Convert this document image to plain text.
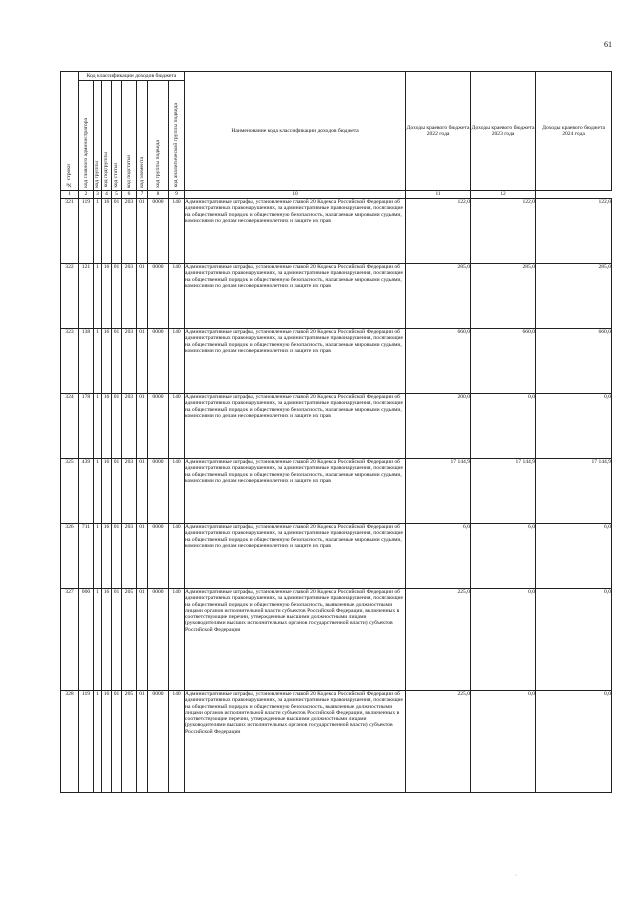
61
№ строки	Код классификации доходов бюджета								Наименование кода классификации доходов бюджета	Доходы краевого бюджета 2022 года	Доходы краевого бюджета 2023 года	Доходы краевого бюджета 2024 года
	код главного администратора	код группы	код подгруппы	код статьи	код подстатьи	код элемента	код группы подвида	код аналитической группы подвида				
1	2	3	4	5	6	7	8	9	10	11	12	
321	119	1	16	01	203	01	0000	140	Административные штрафы, установленные главой 20 Кодекса Российской Федерации об административных правонарушениях, за административные правонарушения, посягающие на общественный порядок и общественную безопасность, налагаемые мировыми судьями, комиссиями по делам несовершеннолетних и защите их прав	122,0	122,0	122,0
322	121	1	16	01	203	01	0000	140	Административные штрафы, установленные главой 20 Кодекса Российской Федерации об административных правонарушениях, за административные правонарушения, посягающие на общественный порядок и общественную безопасность, налагаемые мировыми судьями, комиссиями по делам несовершеннолетних и защите их прав	285,0	285,0	285,0
323	138	1	16	01	203	01	0000	140	Административные штрафы, установленные главой 20 Кодекса Российской Федерации об административных правонарушениях, за административные правонарушения, посягающие на общественный порядок и общественную безопасность, налагаемые мировыми судьями, комиссиями по делам несовершеннолетних и защите их прав	660,0	660,0	660,0
324	178	1	16	01	203	01	0000	140	Административные штрафы, установленные главой 20 Кодекса Российской Федерации об административных правонарушениях, за административные правонарушения, посягающие на общественный порядок и общественную безопасность, налагаемые мировыми судьями, комиссиями по делам несовершеннолетних и защите их прав	200,0	0,0	0,0
325	439	1	16	01	203	01	0000	140	Административные штрафы, установленные главой 20 Кодекса Российской Федерации об административных правонарушениях, за административные правонарушения, посягающие на общественный порядок и общественную безопасность, налагаемые мировыми судьями, комиссиями по делам несовершеннолетних и защите их прав	17 144,9	17 144,9	17 144,9
326	711	1	16	01	203	01	0000	140	Административные штрафы, установленные главой 20 Кодекса Российской Федерации об административных правонарушениях, за административные правонарушения, посягающие на общественный порядок и общественную безопасность, налагаемые мировыми судьями, комиссиями по делам несовершеннолетних и защите их прав	6,0	6,0	6,0
327	000	1	16	01	205	01	0000	140	Административные штрафы, установленные главой 20 Кодекса Российской Федерации об административных правонарушениях, за административные правонарушения, посягающие на общественный порядок и общественную безопасность, выявленные должностными лицами органов исполнительной власти субъектов Российской Федерации, включенных в соответствующие перечни, утвержденные высшими должностными лицами (руководителями высших исполнительных органов государственной власти) субъектов Российской Федерации	225,0	0,0	0,0
328	119	1	16	01	205	01	0000	140	Административные штрафы, установленные главой 20 Кодекса Российской Федерации об административных правонарушениях, за административные правонарушения, посягающие на общественный порядок и общественную безопасность, выявленные должностными лицами органов исполнительной власти субъектов Российской Федерации, включенных в соответствующие перечни, утвержденные высшими должностными лицами (руководителями высших исполнительных органов государственной власти) субъектов Российской Федерации	225,0	0,0	0,0
·
